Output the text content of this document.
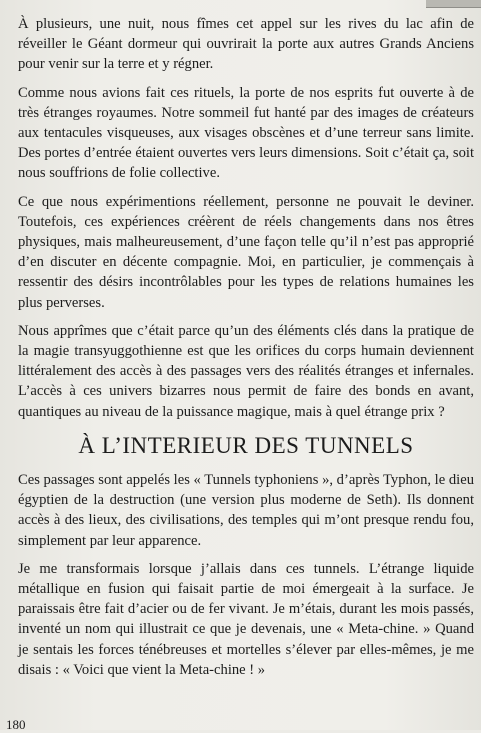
À plusieurs, une nuit, nous fîmes cet appel sur les rives du lac afin de réveiller le Géant dormeur qui ouvrirait la porte aux autres Grands Anciens pour venir sur la terre et y régner.

Comme nous avions fait ces rituels, la porte de nos esprits fut ouverte à de très étranges royaumes. Notre sommeil fut hanté par des images de créateurs aux tentacules visqueuses, aux visages obscènes et d’une terreur sans limite. Des portes d’entrée étaient ouvertes vers leurs dimensions. Soit c’était ça, soit nous souffrions de folie collective.

Ce que nous expérimentions réellement, personne ne pouvait le deviner. Toutefois, ces expériences créèrent de réels changements dans nos êtres physiques, mais malheureusement, d’une façon telle qu’il n’est pas approprié d’en discuter en décente compagnie. Moi, en particulier, je commençais à ressentir des désirs incontrôlables pour les types de relations humaines les plus perverses.

Nous apprîmes que c’était parce qu’un des éléments clés dans la pratique de la magie transyuggothienne est que les orifices du corps humain deviennent littéralement des accès à des passages vers des réalités étranges et infernales. L’accès à ces univers bizarres nous permit de faire des bonds en avant, quantiques au niveau de la puissance magique, mais à quel étrange prix ?

À L’INTERIEUR DES TUNNELS

Ces passages sont appelés les « Tunnels typhoniens », d’après Typhon, le dieu égyptien de la destruction (une version plus moderne de Seth). Ils donnent accès à des lieux, des civilisations, des temples qui m’ont presque rendu fou, simplement par leur apparence.

Je me transformais lorsque j’allais dans ces tunnels. L’étrange liquide métallique en fusion qui faisait partie de moi émergeait à la surface. Je paraissais être fait d’acier ou de fer vivant. Je m’étais, durant les mois passés, inventé un nom qui illustrait ce que je devenais, une « Meta-chine. » Quand je sentais les forces ténébreuses et mortelles s’élever par elles-mêmes, je me disais : « Voici que vient la Meta-chine ! »

180
